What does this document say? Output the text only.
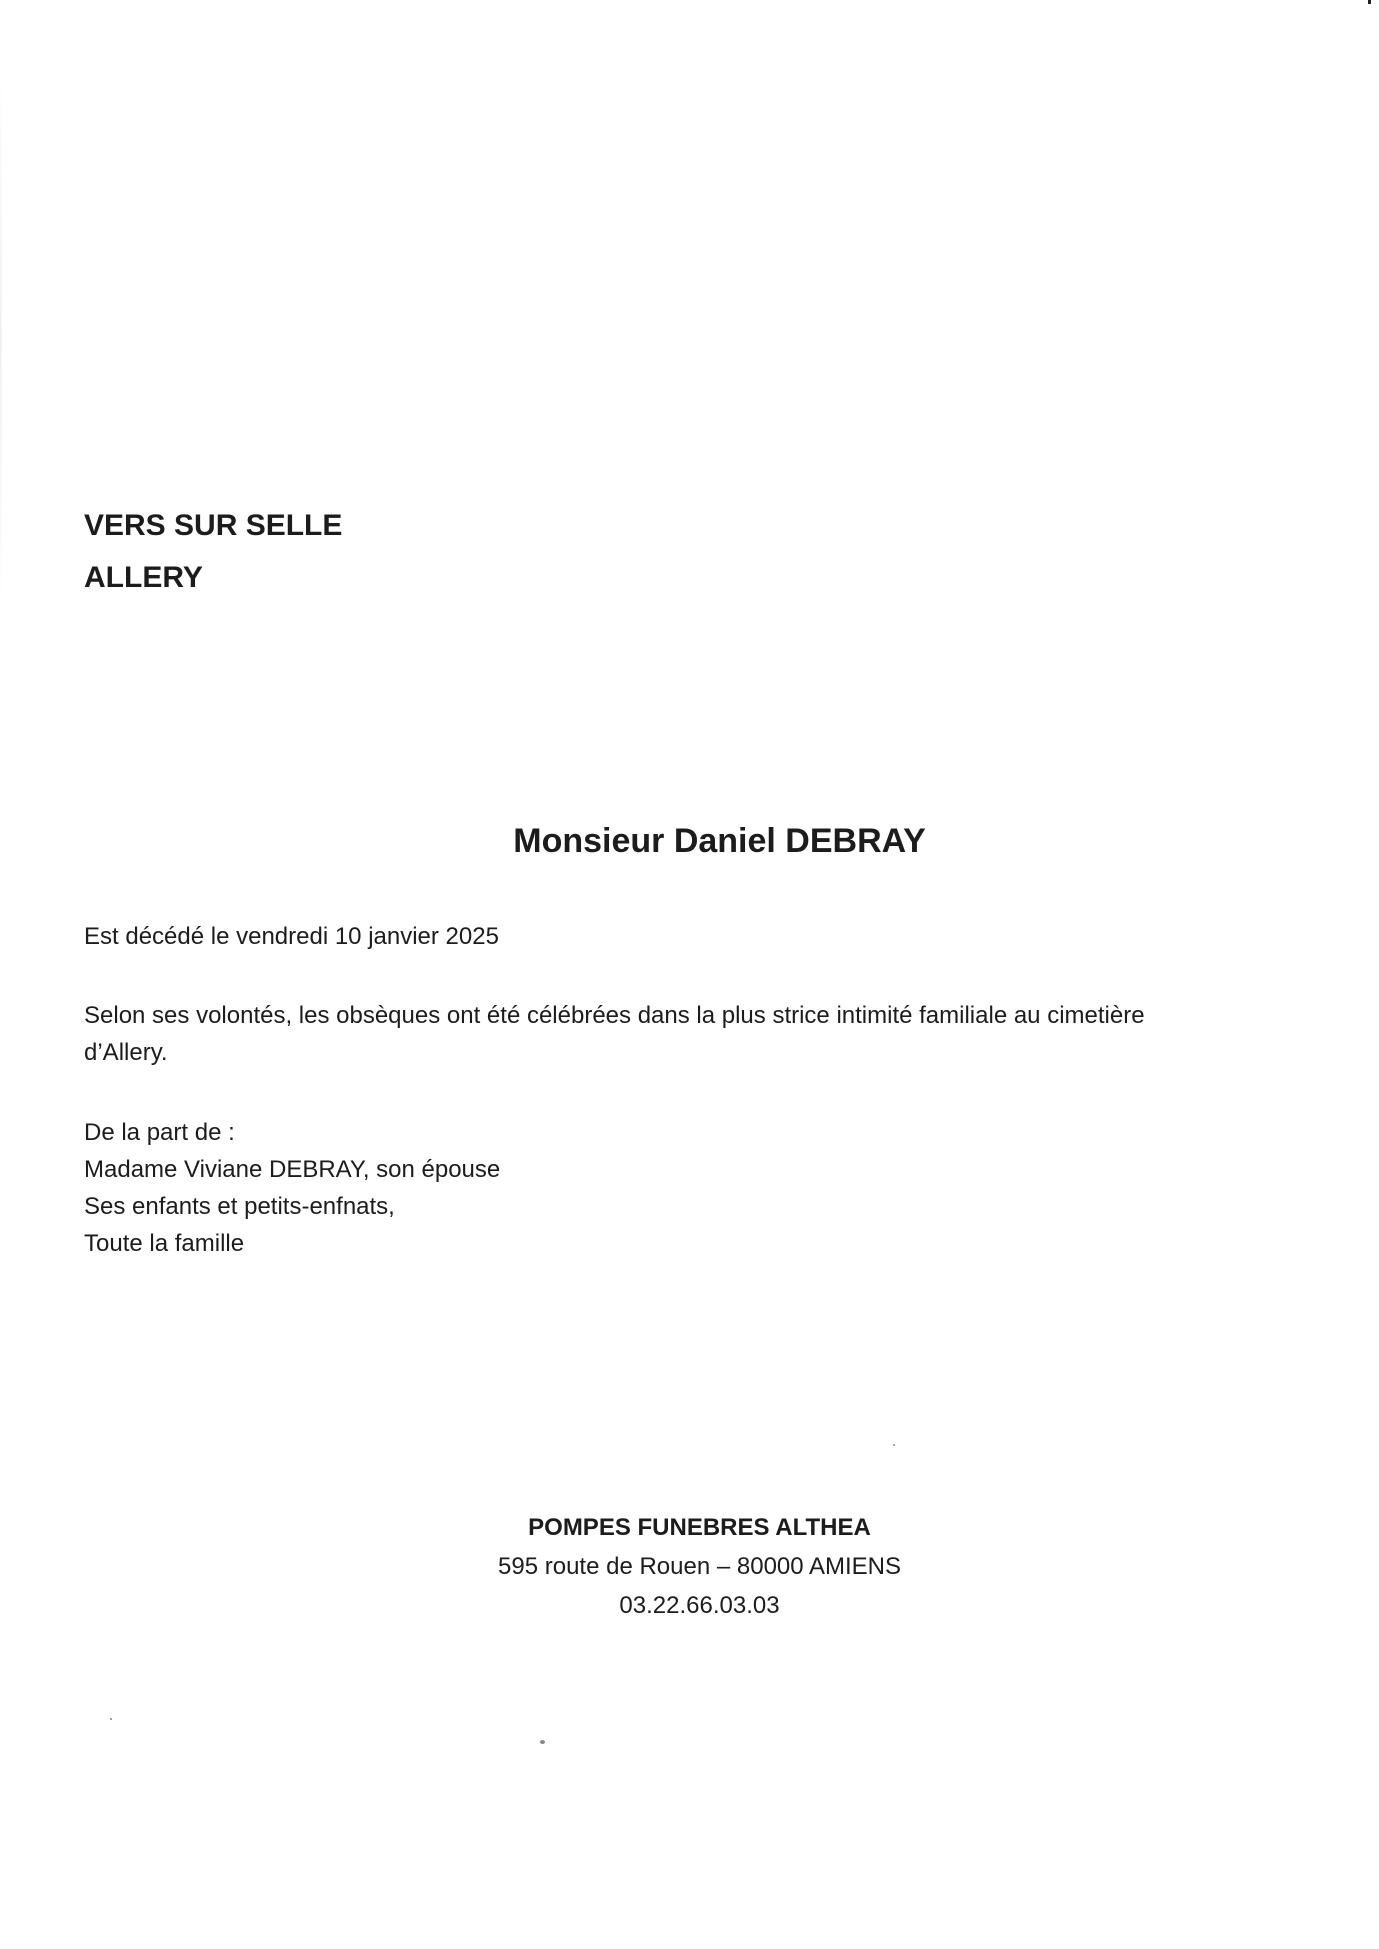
VERS SUR SELLE
ALLERY
Monsieur Daniel DEBRAY
Est décédé le vendredi 10 janvier 2025
Selon ses volontés, les obsèques ont été célébrées dans la plus strice intimité familiale au cimetière d’Allery.
De la part de :
Madame Viviane DEBRAY, son épouse
Ses enfants et petits-enfnats,
Toute la famille
POMPES FUNEBRES ALTHEA
595 route de Rouen – 80000 AMIENS
03.22.66.03.03
